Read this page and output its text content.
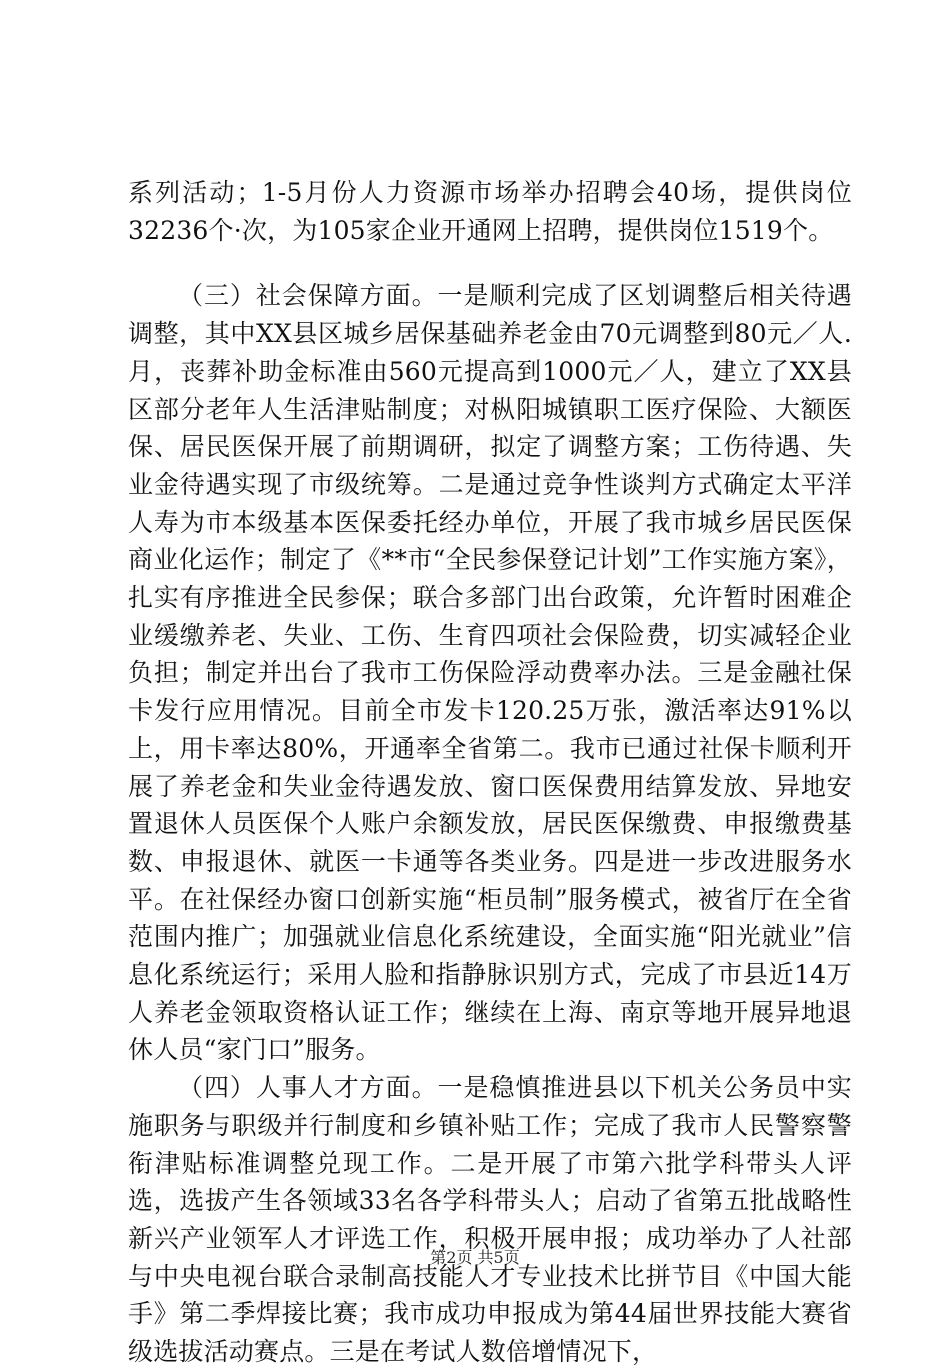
系列活动；1-5月份人力资源市场举办招聘会40场，提供岗位32236个·次，为105家企业开通网上招聘，提供岗位1519个。

（三）社会保障方面。一是顺利完成了区划调整后相关待遇调整，其中XX县区城乡居保基础养老金由70元调整到80元／人.月，丧葬补助金标准由560元提高到1000元／人，建立了XX县区部分老年人生活津贴制度；对枞阳城镇职工医疗保险、大额医保、居民医保开展了前期调研，拟定了调整方案；工伤待遇、失业金待遇实现了市级统筹。二是通过竞争性谈判方式确定太平洋人寿为市本级基本医保委托经办单位，开展了我市城乡居民医保商业化运作；制定了《**市“全民参保登记计划”工作实施方案》，扎实有序推进全民参保；联合多部门出台政策，允许暂时困难企业缓缴养老、失业、工伤、生育四项社会保险费，切实减轻企业负担；制定并出台了我市工伤保险浮动费率办法。三是金融社保卡发行应用情况。目前全市发卡120.25万张，激活率达91%以上，用卡率达80%，开通率全省第二。我市已通过社保卡顺利开展了养老金和失业金待遇发放、窗口医保费用结算发放、异地安置退休人员医保个人账户余额发放，居民医保缴费、申报缴费基数、申报退休、就医一卡通等各类业务。四是进一步改进服务水平。在社保经办窗口创新实施“柜员制”服务模式，被省厅在全省范围内推广；加强就业信息化系统建设，全面实施“阳光就业”信息化系统运行；采用人脸和指静脉识别方式，完成了市县近14万人养老金领取资格认证工作；继续在上海、南京等地开展异地退休人员“家门口”服务。

（四）人事人才方面。一是稳慎推进县以下机关公务员中实施职务与职级并行制度和乡镇补贴工作；完成了我市人民警察警衔津贴标准调整兑现工作。二是开展了市第六批学科带头人评选，选拔产生各领域33名各学科带头人；启动了省第五批战略性新兴产业领军人才评选工作，积极开展申报；成功举办了人社部与中央电视台联合录制高技能人才专业技术比拼节目《中国大能手》第二季焊接比赛；我市成功申报成为第44届世界技能大赛省级选拔活动赛点。三是在考试人数倍增情况下，

第2页 共5页
